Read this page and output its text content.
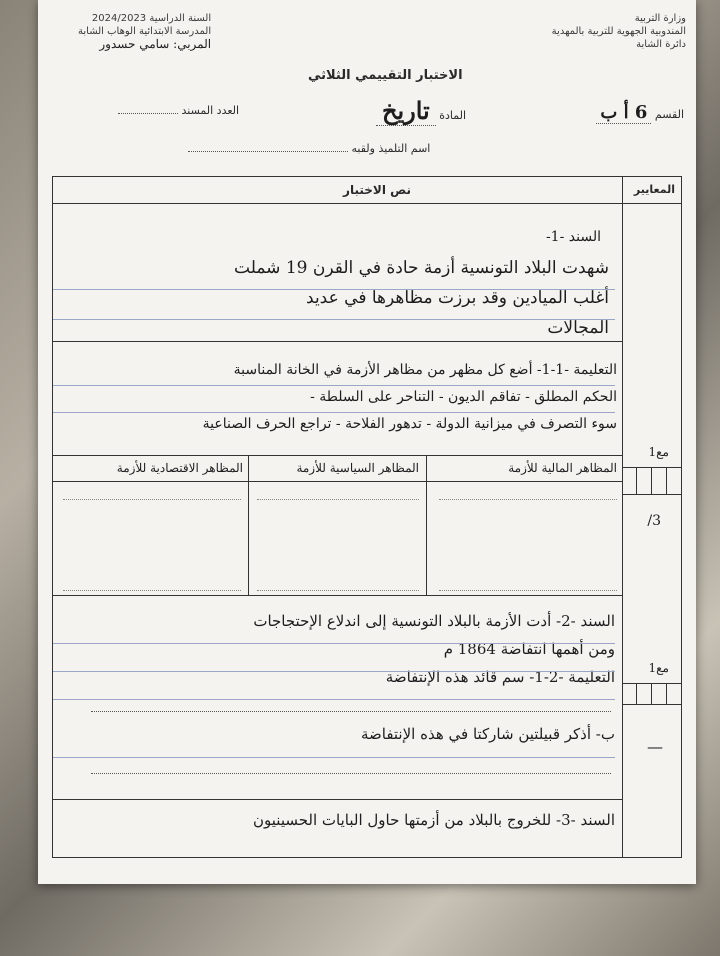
وزارة التربية
المندوبية الجهوية للتربية بالمهدية
دائرة الشابة
السنة الدراسية 2024/2023
المدرسة الابتدائية الوهاب الشابة
المربي: سامي حسدور
الاختبار التقييمي الثلاثي
القسم 6 أ ب
المادة تاريخ
العدد المسند
اسم التلميذ ولقبه
المعايير
نص الاختبار
السند -1-
شهدت البلاد التونسية أزمة حادة في القرن 19 شملت
أغلب الميادين وقد برزت مظاهرها في عديد
المجالات
التعليمة -1-1- أضع كل مظهر من مظاهر الأزمة في الخانة المناسبة
الحكم المطلق - تفاقم الديون - التناحر على السلطة -
سوء التصرف في ميزانية الدولة - تدهور الفلاحة - تراجع الحرف الصناعية
المظاهر المالية للأزمة
المظاهر السياسية للأزمة
المظاهر الاقتصادية للأزمة
السند -2- أدت الأزمة بالبلاد التونسية إلى اندلاع الإحتجاجات
ومن أهمها انتفاضة 1864 م
التعليمة -2-1- سم قائد هذه الإنتفاضة
ب- أذكر قبيلتين شاركتا في هذه الإنتفاضة
السند -3- للخروج بالبلاد من أزمتها حاول البايات الحسينيون
مع1
3/
مع1
—
